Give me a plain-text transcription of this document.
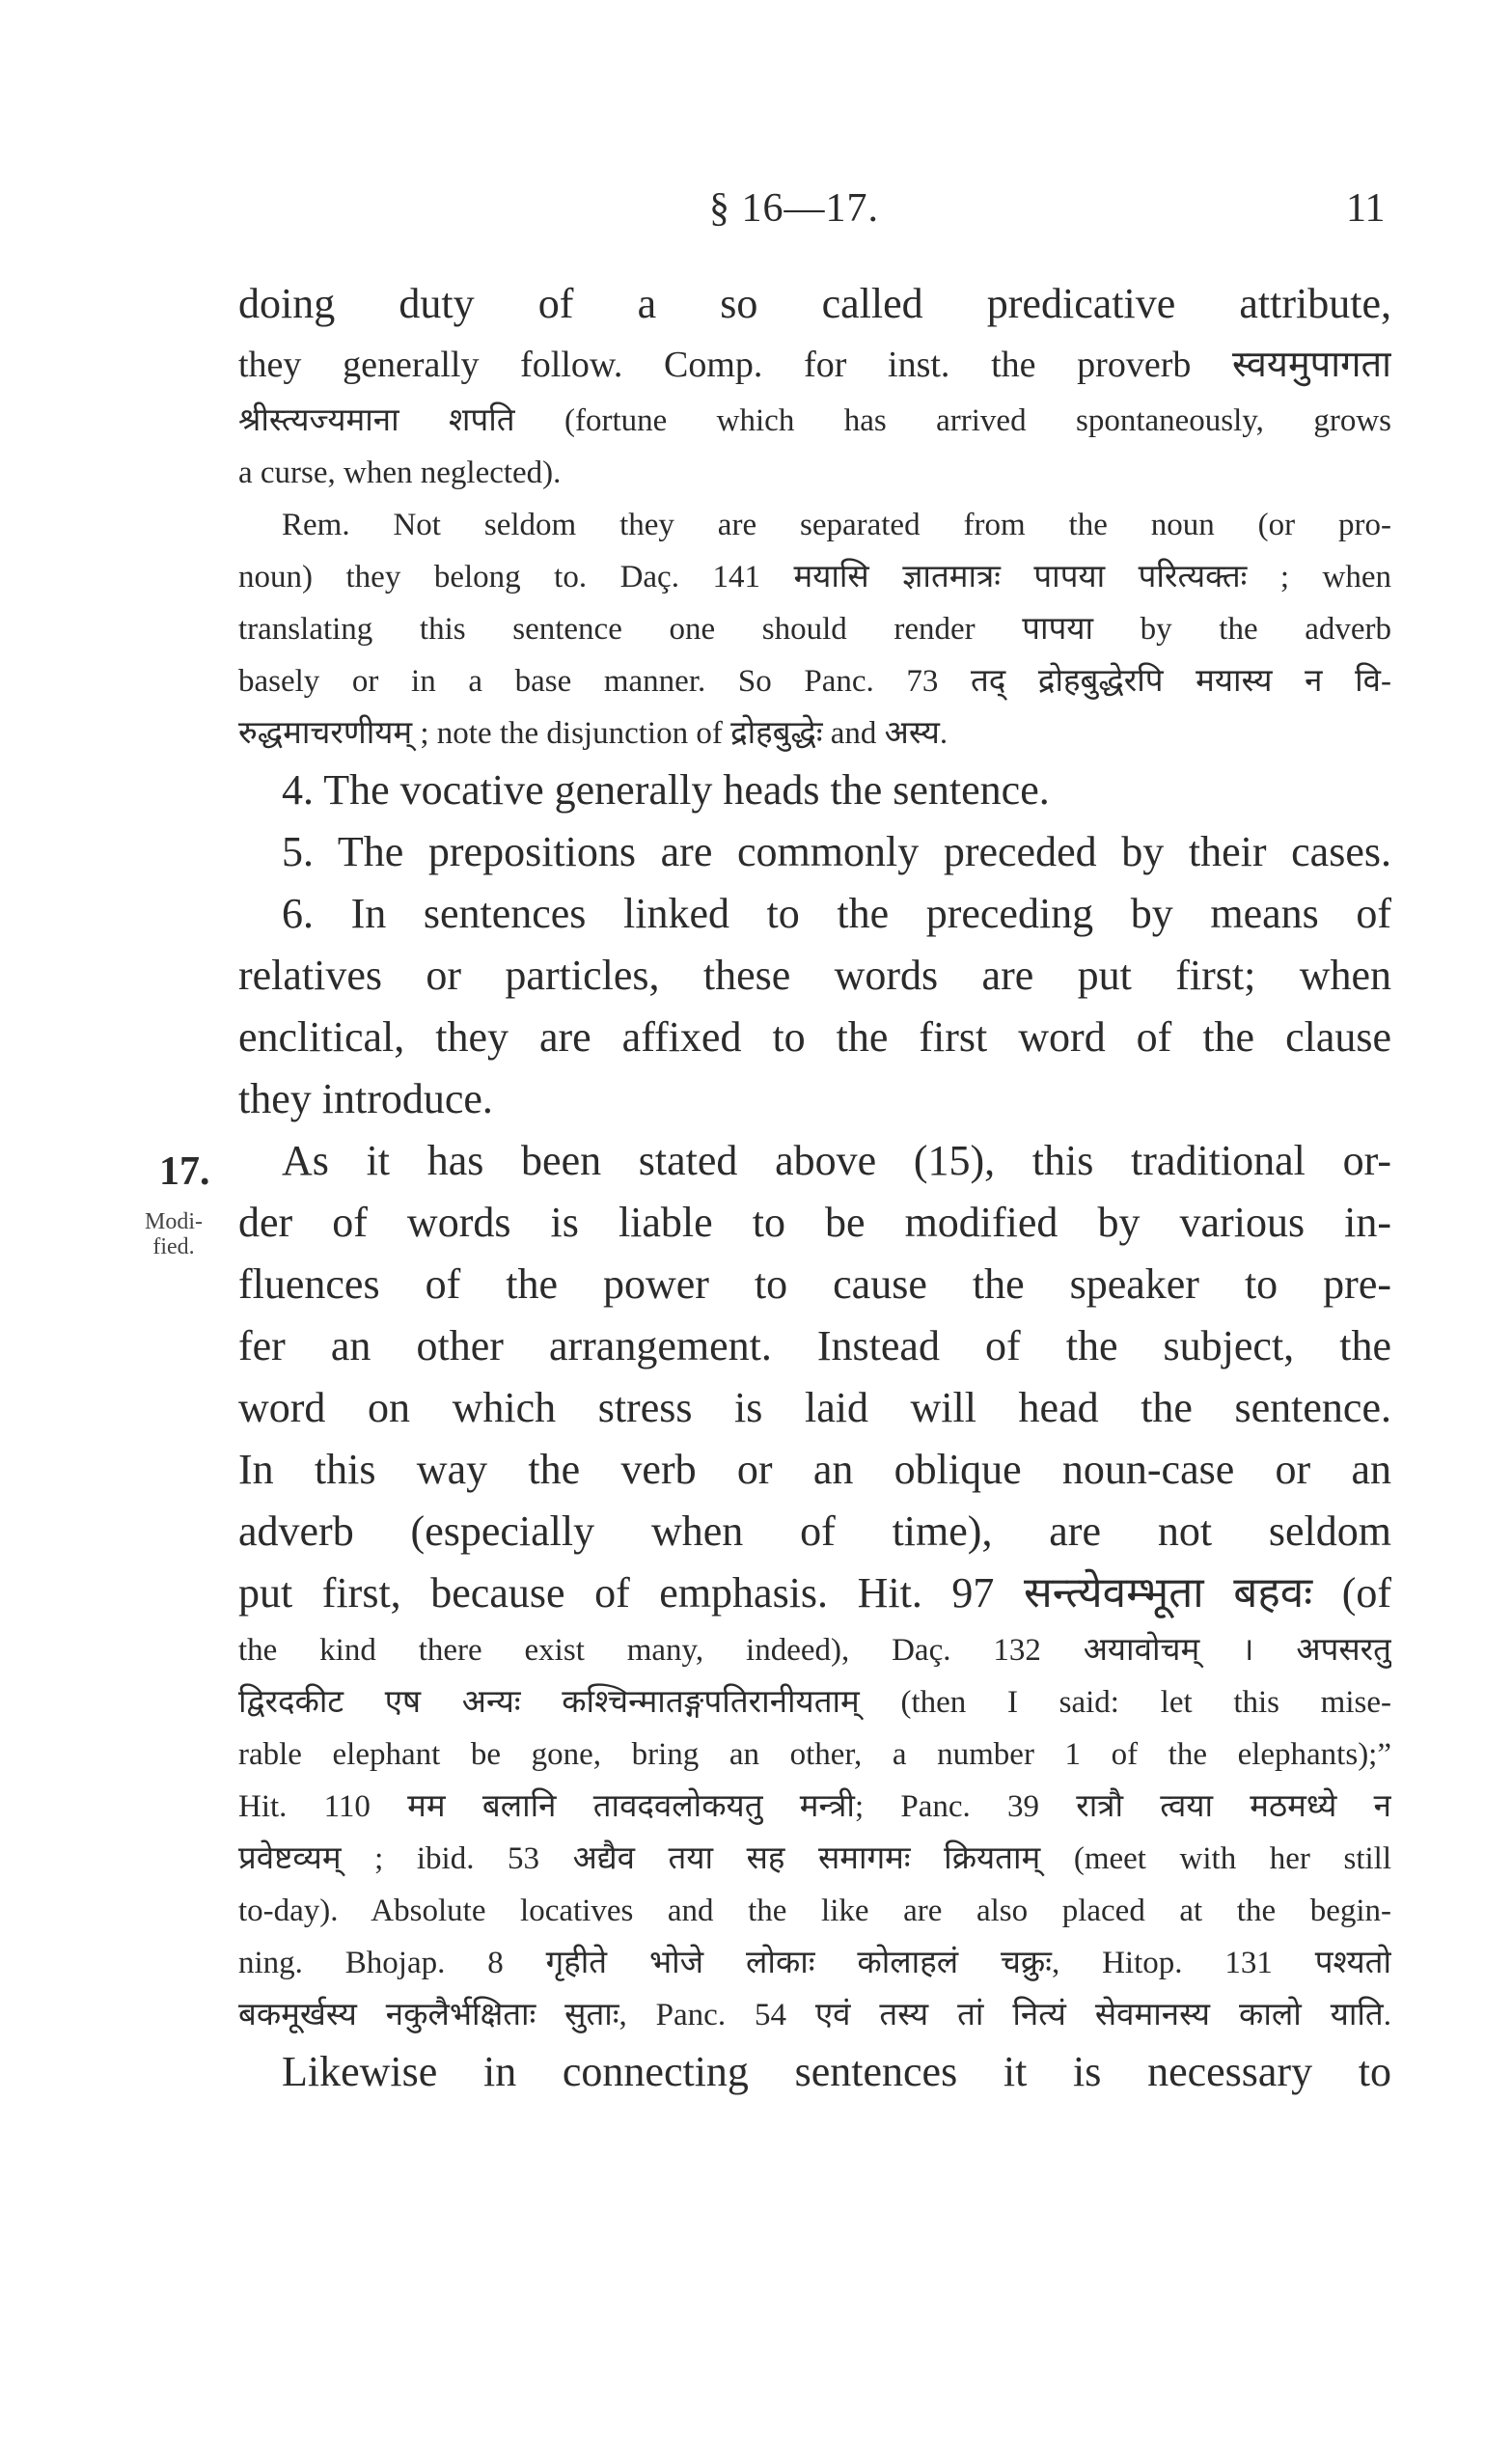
§ 16—17.	11
17.
Modi-
fied.
doing duty of a so called predicative attribute,
they generally follow. Comp. for inst. the proverb स्वयमुपागता
श्रीस्त्यज्यमाना शपति (fortune which has arrived spontaneously, grows
a curse, when neglected).
Rem. Not seldom they are separated from the noun (or pro-
noun) they belong to. Daç. 141 मयासि ज्ञातमात्रः पापया परित्यक्तः ; when
translating this sentence one should render पापया by the adverb
basely or in a base manner. So Panc. 73 तद् द्रोहबुद्धेरपि मयास्य न वि-
रुद्धमाचरणीयम् ; note the disjunction of द्रोहबुद्धेः and अस्य.
4. The vocative generally heads the sentence.
5. The prepositions are commonly preceded by their cases.
6. In sentences linked to the preceding by means of
relatives or particles, these words are put first; when
enclitical, they are affixed to the first word of the clause
they introduce.
As it has been stated above (15), this traditional or-
der of words is liable to be modified by various in-
fluences of the power to cause the speaker to pre-
fer an other arrangement. Instead of the subject, the
word on which stress is laid will head the sentence.
In this way the verb or an oblique noun-case or an
adverb (especially when of time), are not seldom
put first, because of emphasis. Hit. 97 सन्त्येवम्भूता बहवः (of
the kind there exist many, indeed), Daç. 132 अयावोचम् । अपसरतु
द्विरदकीट एष अन्यः कश्चिन्मातङ्गपतिरानीयताम् (then I said: let this mise-
rable elephant be gone, bring an other, a number 1 of the elephants);”
Hit. 110 मम बलानि तावदवलोकयतु मन्त्री; Panc. 39 रात्रौ त्वया मठमध्ये न
प्रवेष्टव्यम् ; ibid. 53 अद्यैव तया सह समागमः क्रियताम् (meet with her still
to-day). Absolute locatives and the like are also placed at the begin-
ning. Bhojap. 8 गृहीते भोजे लोकाः कोलाहलं चक्रुः, Hitop. 131 पश्यतो
बकमूर्खस्य नकुलैर्भक्षिताः सुताः, Panc. 54 एवं तस्य तां नित्यं सेवमानस्य कालो याति.
Likewise in connecting sentences it is necessary to
